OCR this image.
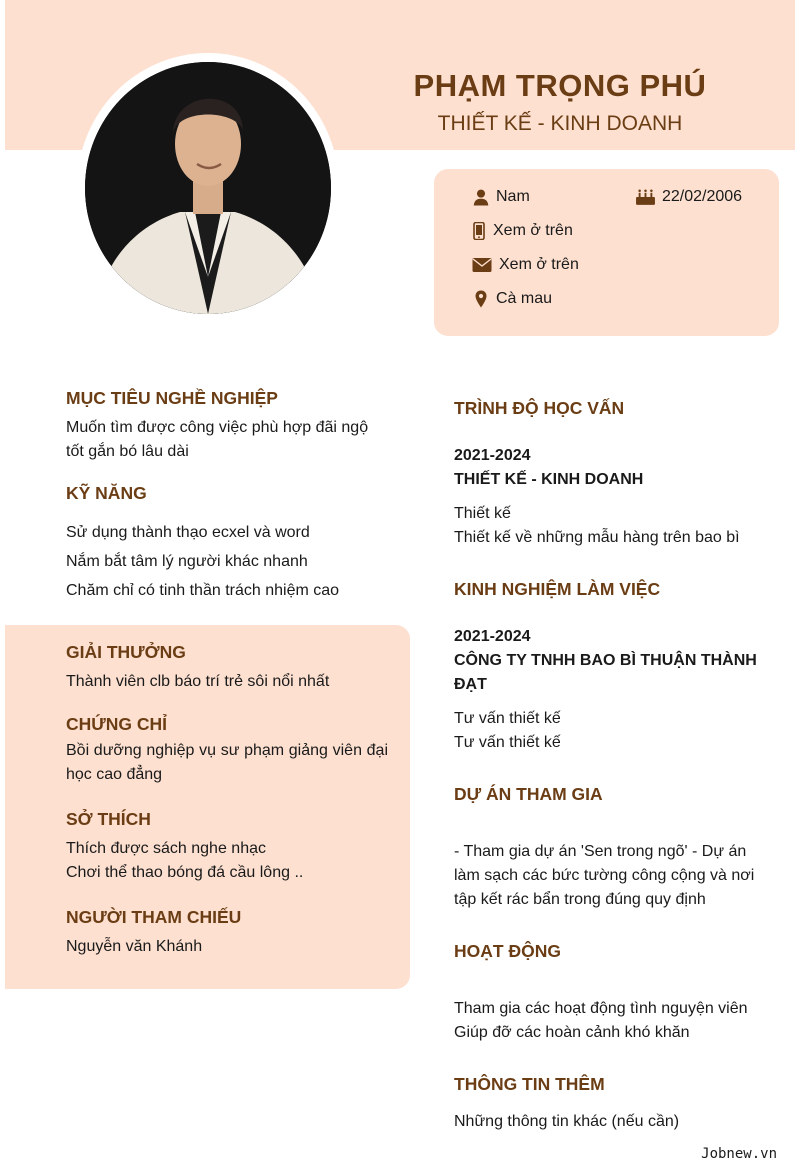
PHẠM TRỌNG PHÚ
THIẾT KẾ - KINH DOANH
Nam	22/02/2006
Xem ở trên
Xem ở trên
Cà mau
MỤC TIÊU NGHỀ NGHIỆP
Muốn tìm được công việc phù hợp đãi ngộ tốt gắn bó lâu dài
KỸ NĂNG
Sử dụng thành thạo ecxel và word
Nắm bắt tâm lý người khác nhanh
Chăm chỉ có tinh thần trách nhiệm cao
GIẢI THƯỞNG
Thành viên clb báo trí trẻ sôi nổi nhất
CHỨNG CHỈ
Bồi dưỡng nghiệp vụ sư phạm giảng viên đại học cao đẳng
SỞ THÍCH
Thích được sách nghe nhạc
Chơi thể thao bóng đá cầu lông ..
NGƯỜI THAM CHIẾU
Nguyễn văn Khánh
TRÌNH ĐỘ HỌC VẤN
2021-2024
THIẾT KẾ - KINH DOANH
Thiết kế
Thiết kế về những mẫu hàng trên bao bì
KINH NGHIỆM LÀM VIỆC
2021-2024
CÔNG TY TNHH BAO BÌ THUẬN THÀNH ĐẠT
Tư vấn thiết kế
Tư vấn thiết kế
DỰ ÁN THAM GIA
- Tham gia dự án 'Sen trong ngõ' - Dự án làm sạch các bức tường công cộng và nơi tập kết rác bẩn trong đúng quy định
HOẠT ĐỘNG
Tham gia các hoạt động tình nguyện viên
Giúp đỡ các hoàn cảnh khó khăn
THÔNG TIN THÊM
Những thông tin khác (nếu cần)
Jobnew.vn
